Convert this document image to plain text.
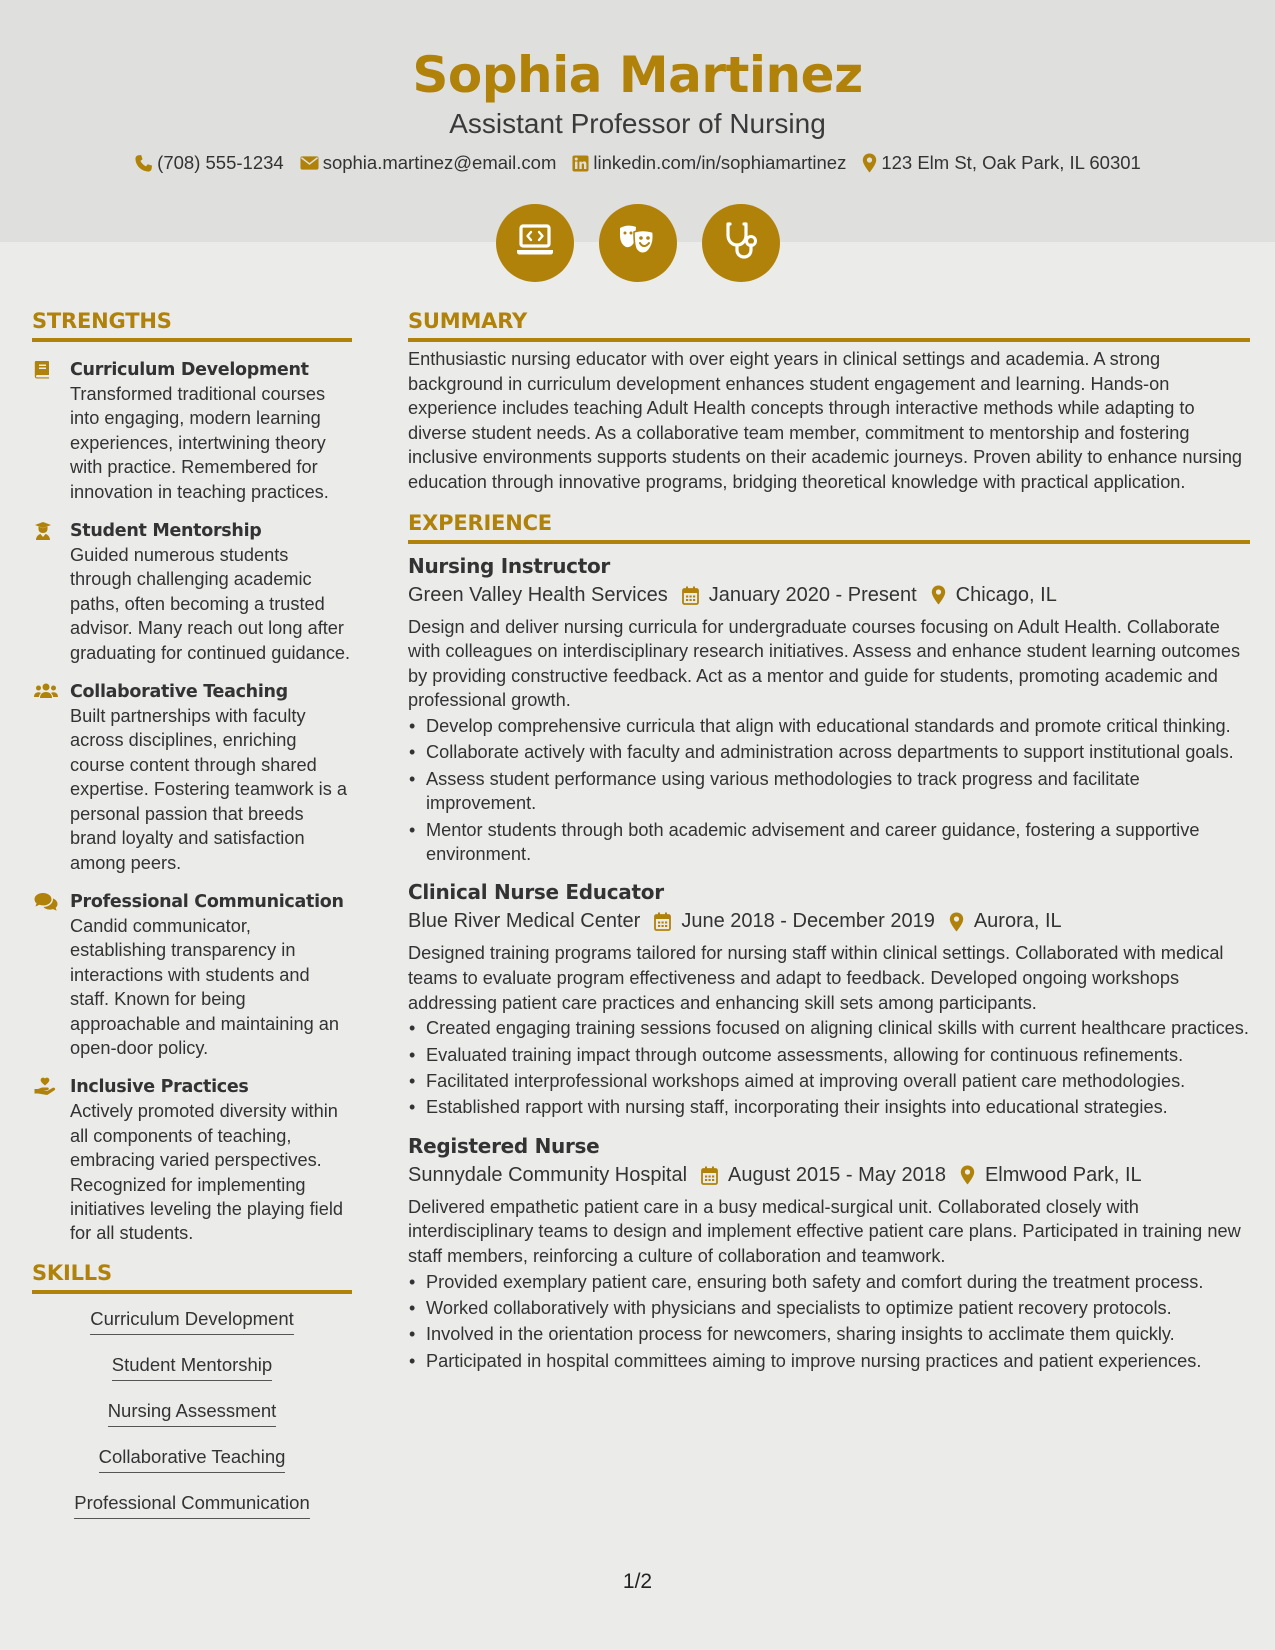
Sophia Martinez
Assistant Professor of Nursing
(708) 555-1234 sophia.martinez@email.com linkedin.com/in/sophiamartinez 123 Elm St, Oak Park, IL 60301
STRENGTHS
Curriculum Development
Transformed traditional courses into engaging, modern learning experiences, intertwining theory with practice. Remembered for innovation in teaching practices.
Student Mentorship
Guided numerous students through challenging academic paths, often becoming a trusted advisor. Many reach out long after graduating for continued guidance.
Collaborative Teaching
Built partnerships with faculty across disciplines, enriching course content through shared expertise. Fostering teamwork is a personal passion that breeds brand loyalty and satisfaction among peers.
Professional Communication
Candid communicator, establishing transparency in interactions with students and staff. Known for being approachable and maintaining an open-door policy.
Inclusive Practices
Actively promoted diversity within all components of teaching, embracing varied perspectives. Recognized for implementing initiatives leveling the playing field for all students.
SKILLS
Curriculum Development
Student Mentorship
Nursing Assessment
Collaborative Teaching
Professional Communication
SUMMARY
Enthusiastic nursing educator with over eight years in clinical settings and academia. A strong background in curriculum development enhances student engagement and learning. Hands-on experience includes teaching Adult Health concepts through interactive methods while adapting to diverse student needs. As a collaborative team member, commitment to mentorship and fostering inclusive environments supports students on their academic journeys. Proven ability to enhance nursing education through innovative programs, bridging theoretical knowledge with practical application.
EXPERIENCE
Nursing Instructor
Green Valley Health Services January 2020 - Present Chicago, IL
Design and deliver nursing curricula for undergraduate courses focusing on Adult Health. Collaborate with colleagues on interdisciplinary research initiatives. Assess and enhance student learning outcomes by providing constructive feedback. Act as a mentor and guide for students, promoting academic and professional growth.
• Develop comprehensive curricula that align with educational standards and promote critical thinking.
• Collaborate actively with faculty and administration across departments to support institutional goals.
• Assess student performance using various methodologies to track progress and facilitate improvement.
• Mentor students through both academic advisement and career guidance, fostering a supportive environment.
Clinical Nurse Educator
Blue River Medical Center June 2018 - December 2019 Aurora, IL
Designed training programs tailored for nursing staff within clinical settings. Collaborated with medical teams to evaluate program effectiveness and adapt to feedback. Developed ongoing workshops addressing patient care practices and enhancing skill sets among participants.
• Created engaging training sessions focused on aligning clinical skills with current healthcare practices.
• Evaluated training impact through outcome assessments, allowing for continuous refinements.
• Facilitated interprofessional workshops aimed at improving overall patient care methodologies.
• Established rapport with nursing staff, incorporating their insights into educational strategies.
Registered Nurse
Sunnydale Community Hospital August 2015 - May 2018 Elmwood Park, IL
Delivered empathetic patient care in a busy medical-surgical unit. Collaborated closely with interdisciplinary teams to design and implement effective patient care plans. Participated in training new staff members, reinforcing a culture of collaboration and teamwork.
• Provided exemplary patient care, ensuring both safety and comfort during the treatment process.
• Worked collaboratively with physicians and specialists to optimize patient recovery protocols.
• Involved in the orientation process for newcomers, sharing insights to acclimate them quickly.
• Participated in hospital committees aiming to improve nursing practices and patient experiences.
1/2
